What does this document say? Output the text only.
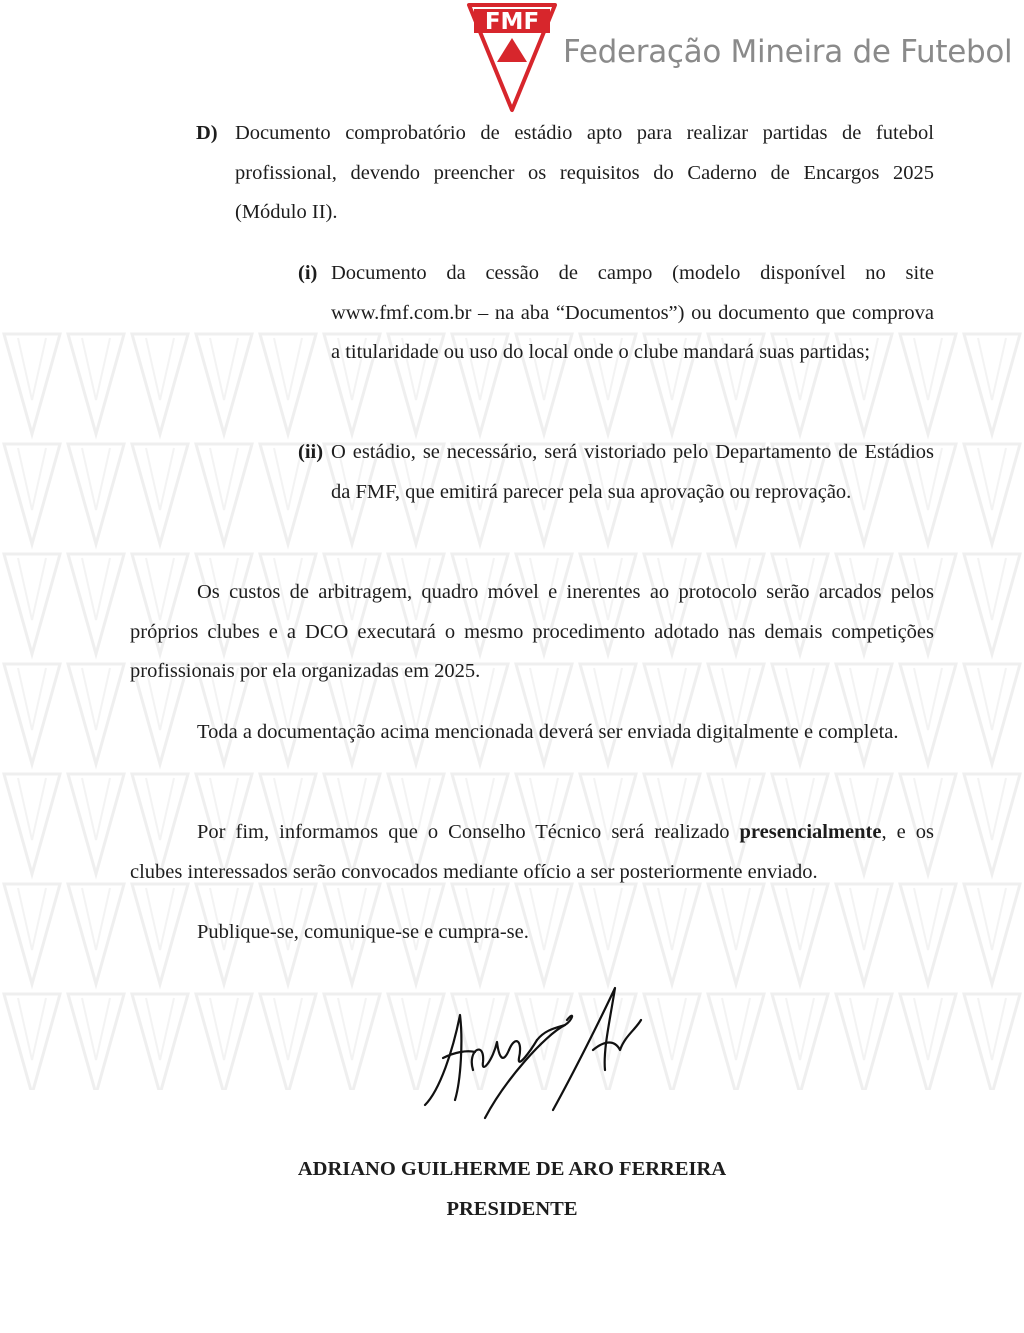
FMF
Federação Mineira de Futebol
D) Documento comprobatório de estádio apto para realizar partidas de futebol profissional, devendo preencher os requisitos do Caderno de Encargos 2025 (Módulo II).

(i) Documento da cessão de campo (modelo disponível no site www.fmf.com.br – na aba “Documentos”) ou documento que comprova a titularidade ou uso do local onde o clube mandará suas partidas;

(ii) O estádio, se necessário, será vistoriado pelo Departamento de Estádios da FMF, que emitirá parecer pela sua aprovação ou reprovação.

Os custos de arbitragem, quadro móvel e inerentes ao protocolo serão arcados pelos próprios clubes e a DCO executará o mesmo procedimento adotado nas demais competições profissionais por ela organizadas em 2025.

Toda a documentação acima mencionada deverá ser enviada digitalmente e completa.

Por fim, informamos que o Conselho Técnico será realizado presencialmente, e os clubes interessados serão convocados mediante ofício a ser posteriormente enviado.

Publique-se, comunique-se e cumpra-se.

ADRIANO GUILHERME DE ARO FERREIRA

PRESIDENTE
